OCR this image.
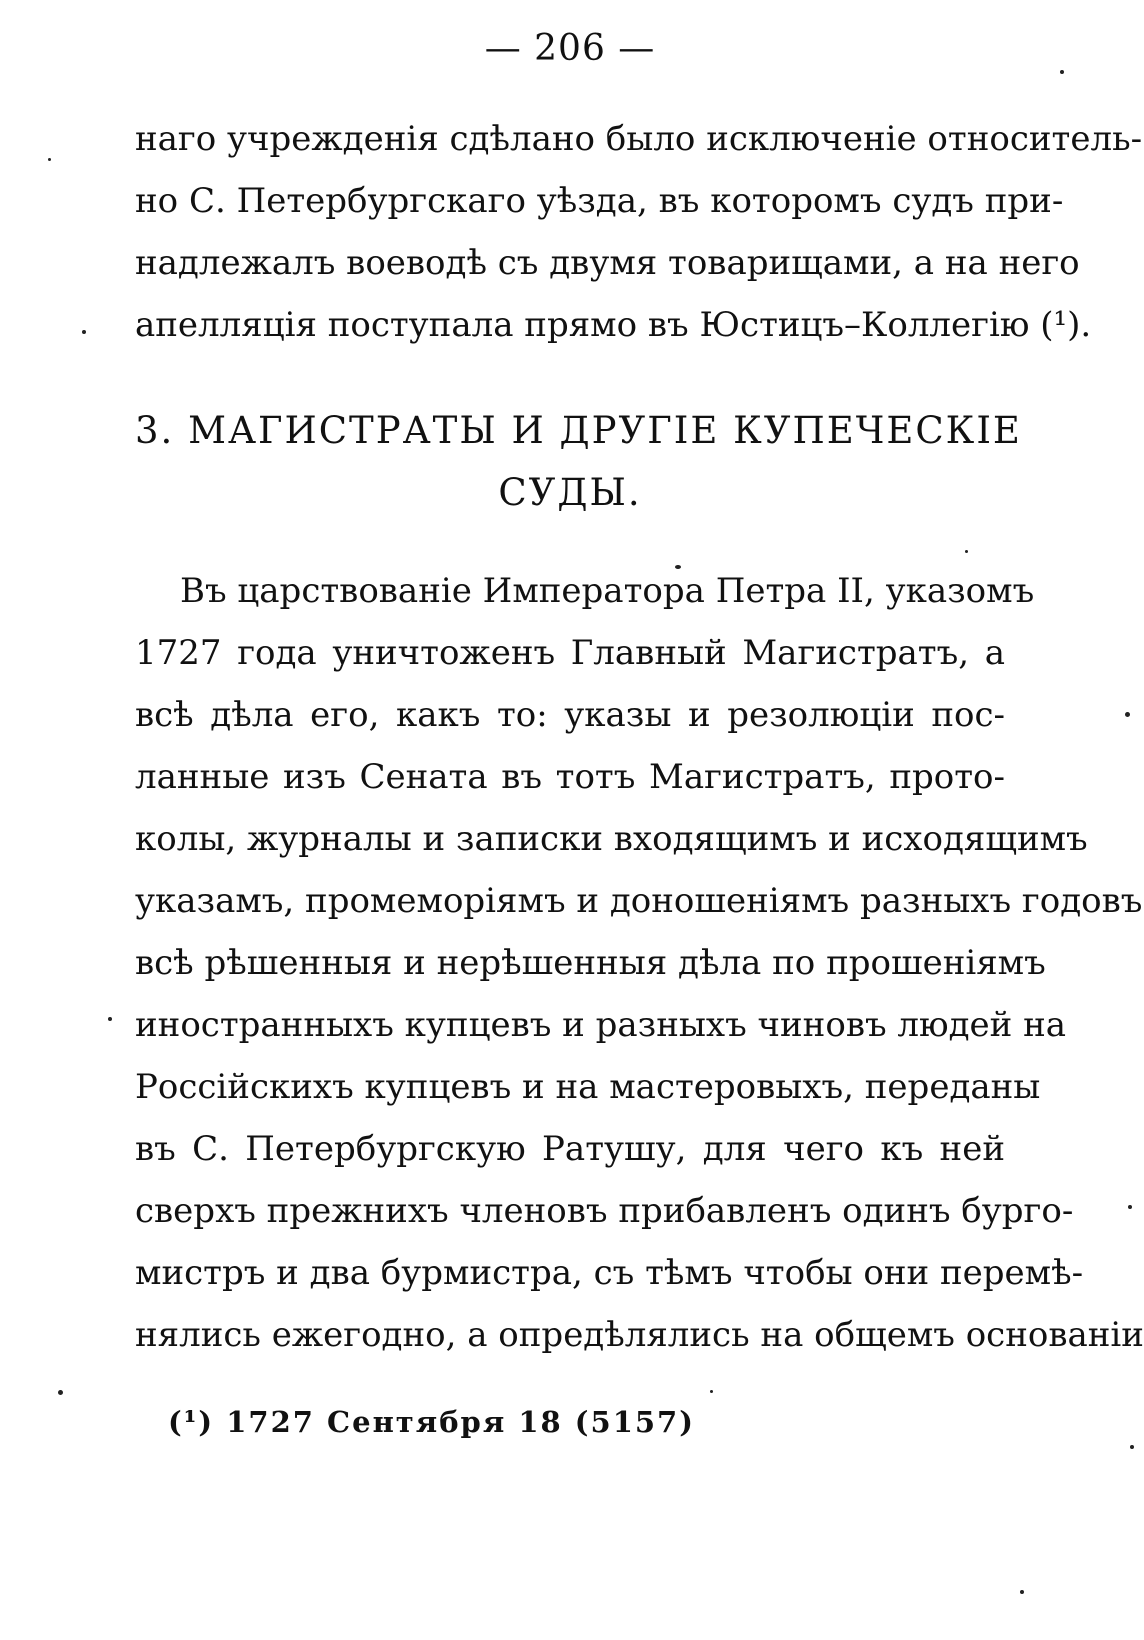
— 206 —
наго учрежденія сдѣлано было исключеніе относитель-
но С. Петербургскаго уѣзда, въ которомъ судъ при-
надлежалъ воеводѣ съ двумя товарищами, а на него
апелляція поступала прямо въ Юстицъ–Коллегію (¹).
3. МАГИСТРАТЫ И ДРУГІЕ КУПЕЧЕСКІЕ
СУДЫ.
Въ царствованіе Императора Петра II, указомъ
1727 года уничтоженъ Главный Магистратъ, а
всѣ дѣла его, какъ то: указы и резолюціи пос-
ланные изъ Сената въ тотъ Магистратъ, прото-
колы, журналы и записки входящимъ и исходящимъ
указамъ, промеморіямъ и доношеніямъ разныхъ годовъ
всѣ рѣшенныя и нерѣшенныя дѣла по прошеніямъ
иностранныхъ купцевъ и разныхъ чиновъ людей на
Россійскихъ купцевъ и на мастеровыхъ, переданы
въ С. Петербургскую Ратушу, для чего къ ней
сверхъ прежнихъ членовъ прибавленъ одинъ бурго-
мистръ и два бурмистра, съ тѣмъ чтобы они перемѣ-
нялись ежегодно, а опредѣлялись на общемъ основаніи
(¹) 1727 Сентября 18 (5157)
